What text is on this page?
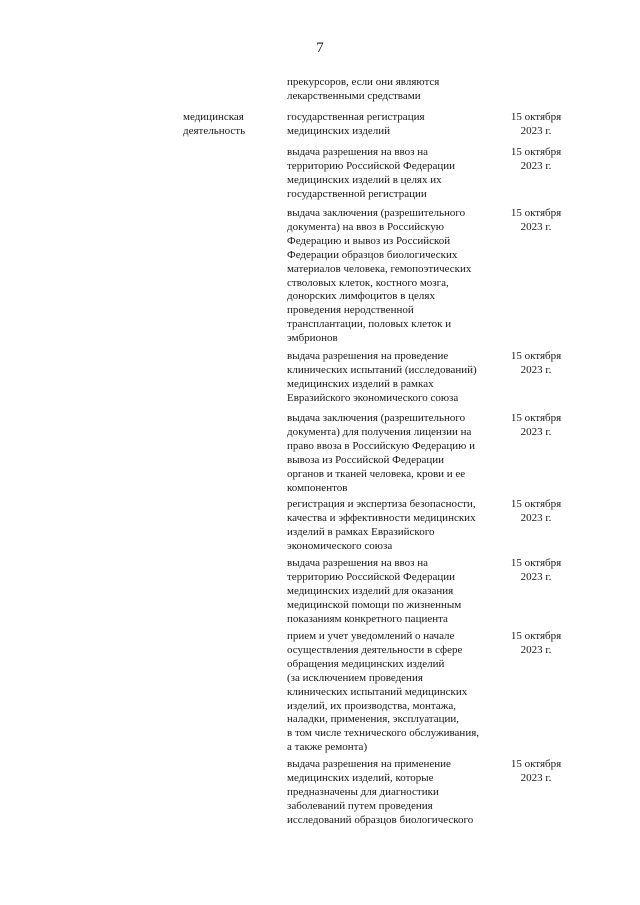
7
прекурсоров, если они являются
лекарственными средствами
медицинская
деятельность
государственная регистрация
медицинских изделий
15 октября
2023 г.
выдача разрешения на ввоз на
территорию Российской Федерации
медицинских изделий в целях их
государственной регистрации
15 октября
2023 г.
выдача заключения (разрешительного
документа) на ввоз в Российскую
Федерацию и вывоз из Российской
Федерации образцов биологических
материалов человека, гемопоэтических
стволовых клеток, костного мозга,
донорских лимфоцитов в целях
проведения неродственной
трансплантации, половых клеток и
эмбрионов
15 октября
2023 г.
выдача разрешения на проведение
клинических испытаний (исследований)
медицинских изделий в рамках
Евразийского экономического союза
15 октября
2023 г.
выдача заключения (разрешительного
документа) для получения лицензии на
право ввоза в Российскую Федерацию и
вывоза из Российской Федерации
органов и тканей человека, крови и ее
компонентов
15 октября
2023 г.
регистрация и экспертиза безопасности,
качества и эффективности медицинских
изделий в рамках Евразийского
экономического союза
15 октября
2023 г.
выдача разрешения на ввоз на
территорию Российской Федерации
медицинских изделий для оказания
медицинской помощи по жизненным
показаниям конкретного пациента
15 октября
2023 г.
прием и учет уведомлений о начале
осуществления деятельности в сфере
обращения медицинских изделий
(за исключением проведения
клинических испытаний медицинских
изделий, их производства, монтажа,
наладки, применения, эксплуатации,
в том числе технического обслуживания,
а также ремонта)
15 октября
2023 г.
выдача разрешения на применение
медицинских изделий, которые
предназначены для диагностики
заболеваний путем проведения
исследований образцов биологического
15 октября
2023 г.
